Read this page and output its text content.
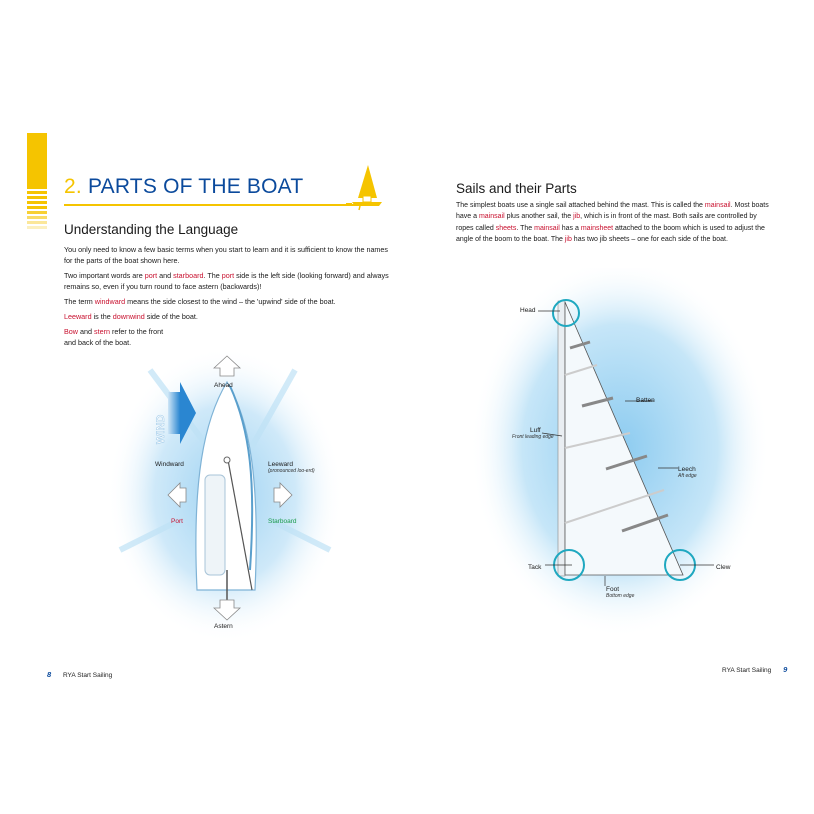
2. PARTS OF THE BOAT
Understanding the Language

You only need to know a few basic terms when you start to learn and it is sufficient to know the names for the parts of the boat shown here.

Two important words are port and starboard. The port side is the left side (looking forward) and always remains so, even if you turn round to face astern (backwards)!

The term windward means the side closest to the wind – the 'upwind' side of the boat.

Leeward is the downwind side of the boat.

Bow and stern refer to the front
and back of the boat.

WIND
Ahead
Astern
Windward	Leeward
(pronounced loo-erd)
Port	Starboard
8 RYA Start Sailing
Sails and their Parts
The simplest boats use a single sail attached behind the mast. This is called the mainsail. Most boats have a mainsail plus another sail, the jib, which is in front of the mast. Both sails are controlled by ropes called sheets. The mainsail has a mainsheet attached to the boom which is used to adjust the angle of the boom to the boat. The jib has two jib sheets – one for each side of the boat.
Head
Batten
Luff
Front leading edge
Leech
Aft edge
Tack	Clew
Foot
Bottom edge
RYA Start Sailing 9
